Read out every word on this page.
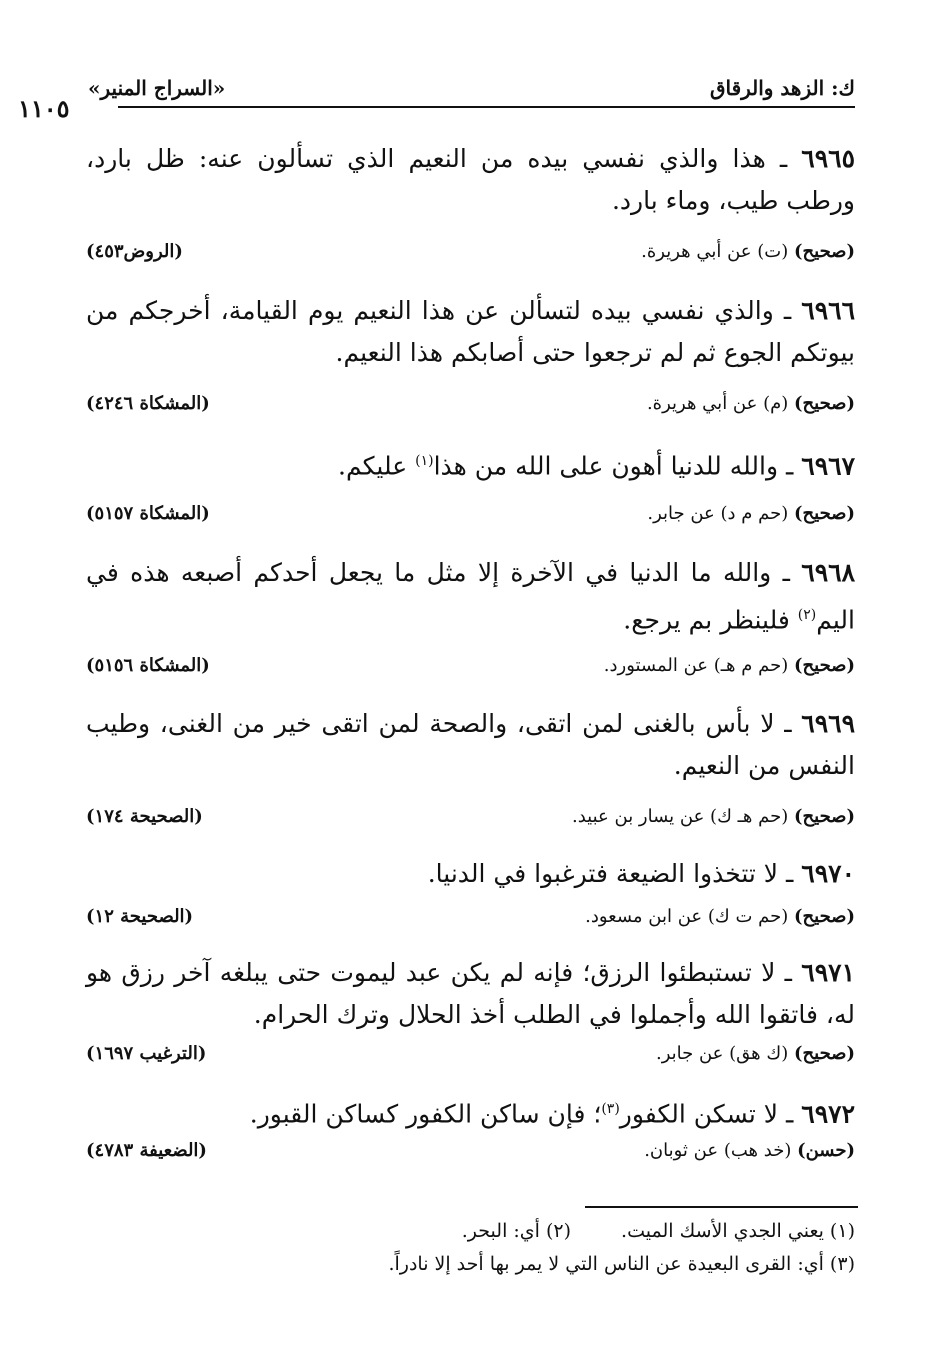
ك: الزهد والرقاق
«السراج المنير»
١١٠٥
٦٩٦٥ ـ هذا والذي نفسي بيده من النعيم الذي تسألون عنه: ظل بارد، ورطب طيب، وماء بارد.
(صحيح) (ت) عن أبي هريرة.
(الروض٤٥٣)
٦٩٦٦ ـ والذي نفسي بيده لتسألن عن هذا النعيم يوم القيامة، أخرجكم من بيوتكم الجوع ثم لم ترجعوا حتى أصابكم هذا النعيم.
(صحيح) (م) عن أبي هريرة.
(المشكاة ٤٢٤٦)
٦٩٦٧ ـ والله للدنيا أهون على الله من هذا$^{(١)}$ عليكم.
(صحيح) (حم م د) عن جابر.
(المشكاة ٥١٥٧)
٦٩٦٨ ـ والله ما الدنيا في الآخرة إلا مثل ما يجعل أحدكم أصبعه هذه في اليم$^{(٢)}$ فلينظر بم يرجع.
(صحيح) (حم م هـ) عن المستورد.
(المشكاة ٥١٥٦)
٦٩٦٩ ـ لا بأس بالغنى لمن اتقى، والصحة لمن اتقى خير من الغنى، وطيب النفس من النعيم.
(صحيح) (حم هـ ك) عن يسار بن عبيد.
(الصحيحة ١٧٤)
٦٩٧٠ ـ لا تتخذوا الضيعة فترغبوا في الدنيا.
(صحيح) (حم ت ك) عن ابن مسعود.
(الصحيحة ١٢)
٦٩٧١ ـ لا تستبطئوا الرزق؛ فإنه لم يكن عبد ليموت حتى يبلغه آخر رزق هو له، فاتقوا الله وأجملوا في الطلب أخذ الحلال وترك الحرام.
(صحيح) (ك هق) عن جابر.
(الترغيب ١٦٩٧)
٦٩٧٢ ـ لا تسكن الكفور$^{(٣)}$؛ فإن ساكن الكفور كساكن القبور.
(حسن) (خد هب) عن ثوبان.
(الضعيفة ٤٧٨٣)
(١) يعني الجدي الأسك الميت.(٢) أي: البحر.
(٣) أي: القرى البعيدة عن الناس التي لا يمر بها أحد إلا نادراً.
